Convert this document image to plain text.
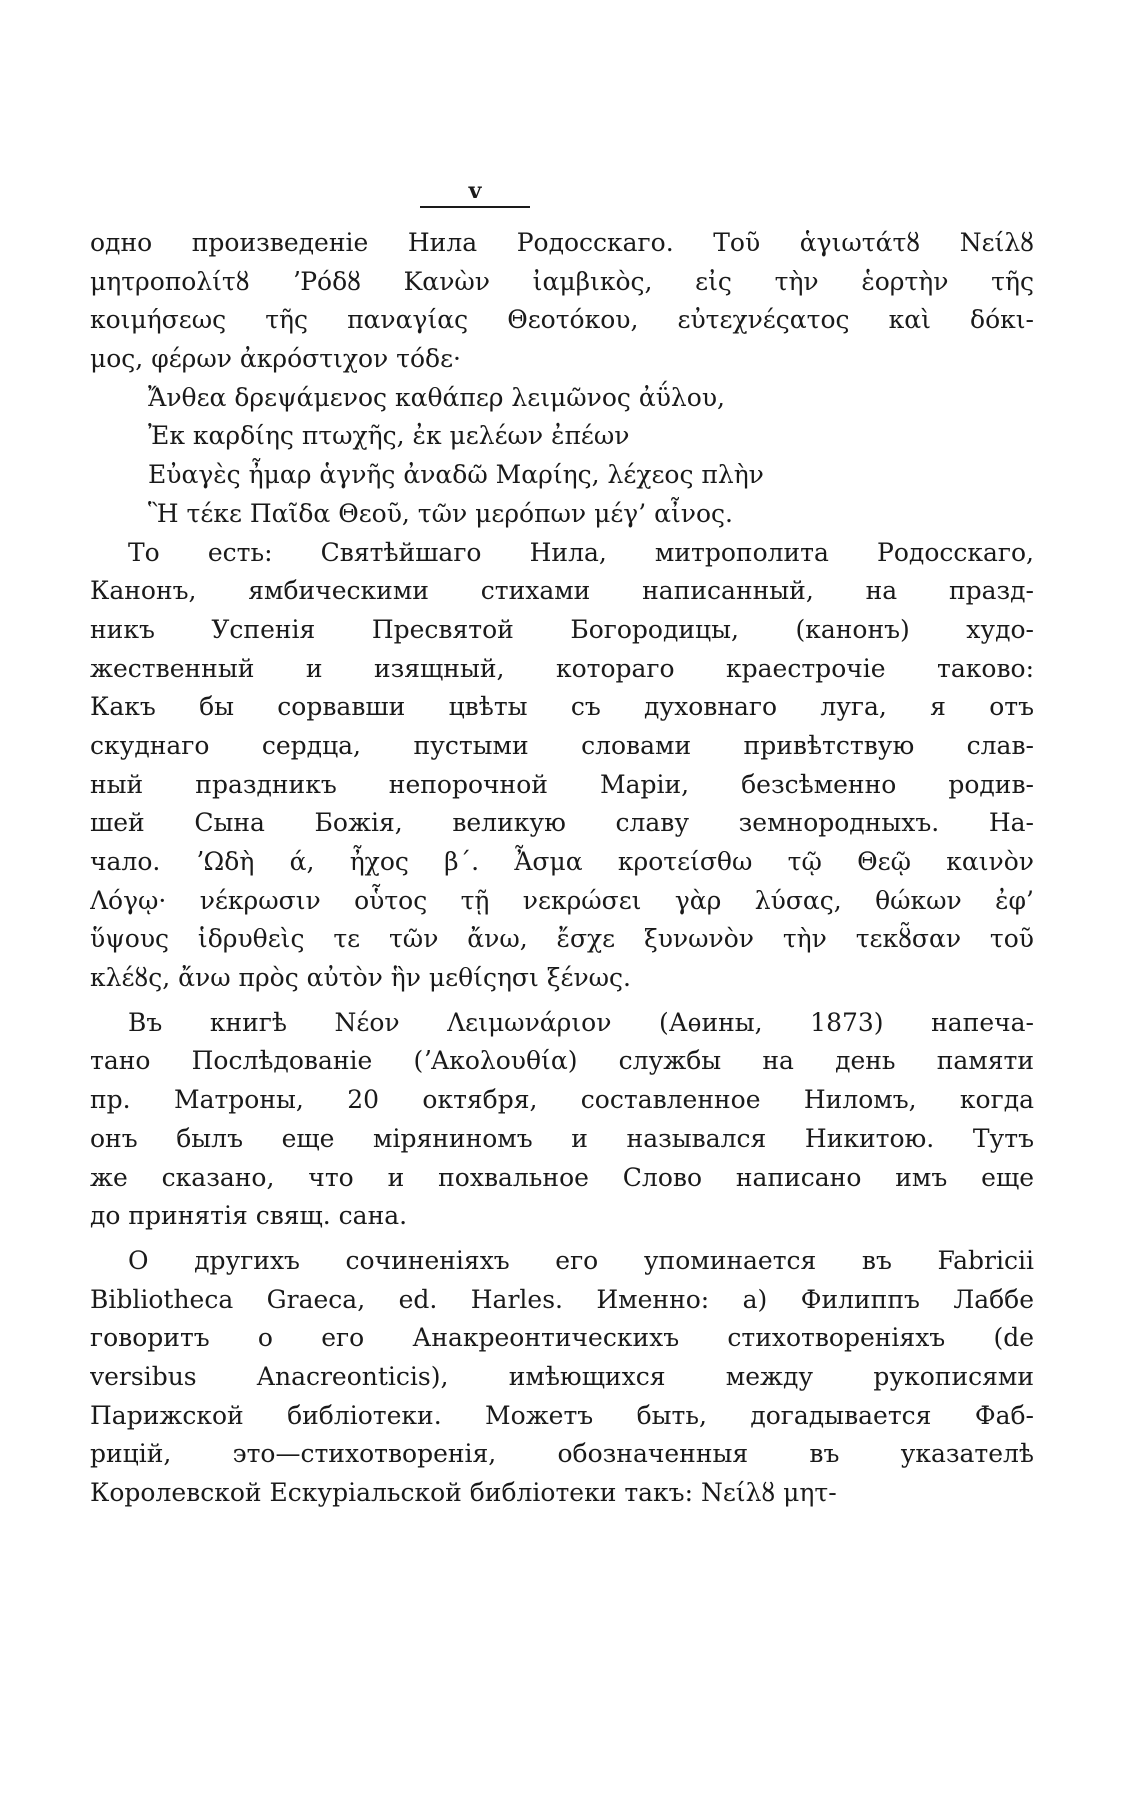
v
одно произведеніе Нила Родосскаго. Τοῦ ἁγιωτάτȣ Νείλȣ
μητροπολίτȣ ʼΡόδȣ Κανὼν ἰαμβικὸς, εἰς τὴν ἑορτὴν τῆς
κοιμήσεως τῆς παναγίας Θεοτόκου, εὐτεχνέςατος καὶ δόκι-
μος, φέρων ἀκρόστιχον τόδε·
Ἄνθεα δρεψάμενος καθάπερ λειμῶνος ἀΰλου,
Ἐκ καρδίης πτωχῆς, ἐκ μελέων ἐπέων
Εὐαγὲς ἦμαρ ἁγνῆς ἀναδῶ Μαρίης, λέχεος πλὴν
Ἣ τέκε Παῖδα Θεοῦ, τῶν μερόπων μέγ’ αἶνος.
То есть: Святѣйшаго Нила, митрополита Родосскаго,
Канонъ, ямбическими стихами написанный, на празд-
никъ Успенія Пресвятой Богородицы, (канонъ) худо-
жественный и изящный, котораго краестрочіе таково:
Какъ бы сорвавши цвѣты съ духовнаго луга, я отъ
скуднаго сердца, пустыми словами привѣтствую слав-
ный праздникъ непорочной Маріи, безсѣменно родив-
шей Сына Божія, великую славу земнородныхъ. На-
чало. ʼΩδὴ ά, ἦχος β΄. Ἆσμα κροτείσθω τῷ Θεῷ καινὸν
Λόγῳ· νέκρωσιν οὗτος τῇ νεκρώσει γὰρ λύσας, θώκων ἐφ’
ὕψους ἱδρυθεὶς τε τῶν ἄνω, ἔσχε ξυνωνὸν τὴν τεκȣ̃σαν τοῦ
κλέȣς, ἄνω πρὸς αὐτὸν ἣν μεθίςησι ξένως.
Въ книгѣ Νέον Λειμωνάριον (Аѳины, 1873) напеча-
тано Послѣдованіе (ʼΑκολουθία) службы на день памяти
пр. Матроны, 20 октября, составленное Ниломъ, когда
онъ былъ еще міряниномъ и назывался Никитою. Тутъ
же сказано, что и похвальное Слово написано имъ еще
до принятія свящ. сана.
О другихъ сочиненіяхъ его упоминается въ Fabricii
Bibliotheca Graeca, ed. Harles. Именно: a) Филиппъ Лаббе
говоритъ о его Анакреонтическихъ стихотвореніяхъ (de
versibus Anacreonticis), имѣющихся между рукописями
Парижской библіотеки. Можетъ быть, догадывается Фаб-
рицій, это—стихотворенія, обозначенныя въ указателѣ
Королевской Ескуріальской библіотеки такъ: Νείλȣ μητ-
